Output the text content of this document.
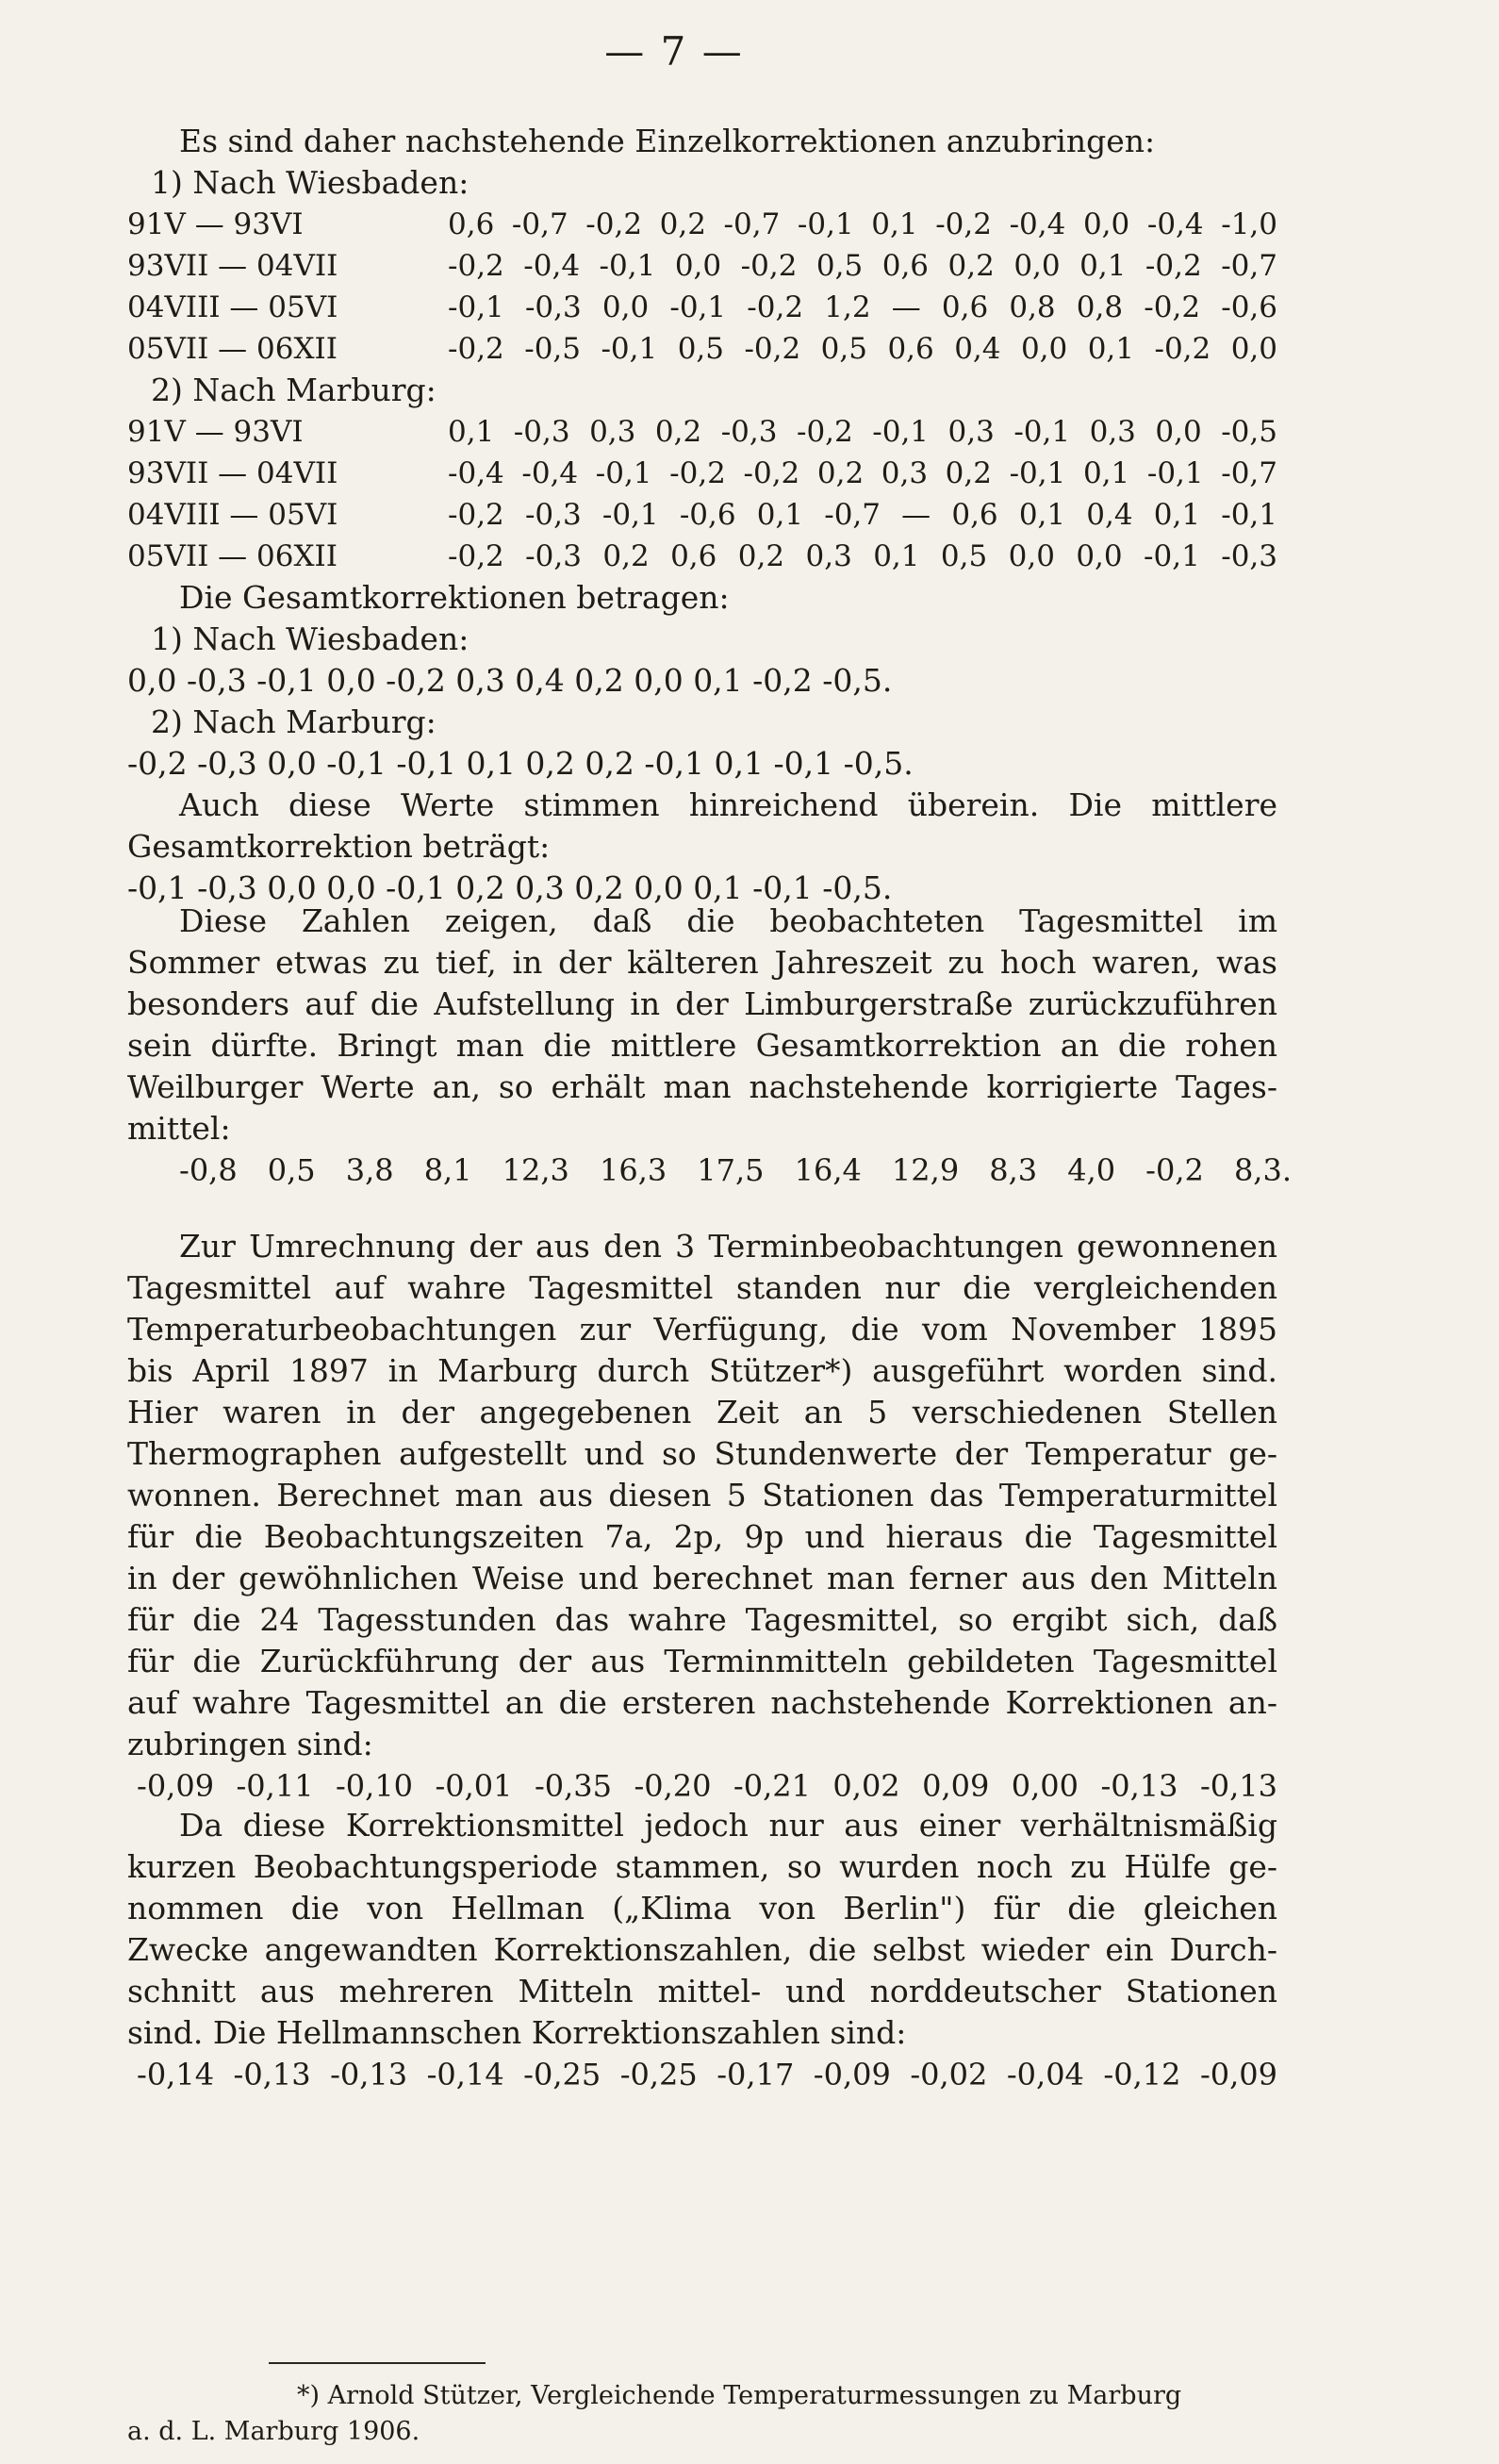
— 7 —
Es sind daher nachstehende Einzelkorrektionen anzubringen:
1) Nach Wiesbaden:
91V — 93VI	0,6 -0,7 -0,2 0,2 -0,7 -0,1 0,1 -0,2 -0,4 0,0 -0,4 -1,0
93VII — 04VII	-0,2 -0,4 -0,1 0,0 -0,2 0,5 0,6 0,2 0,0 0,1 -0,2 -0,7
04VIII — 05VI	-0,1 -0,3 0,0 -0,1 -0,2 1,2 — 0,6 0,8 0,8 -0,2 -0,6
05VII — 06XII	-0,2 -0,5 -0,1 0,5 -0,2 0,5 0,6 0,4 0,0 0,1 -0,2 0,0
2) Nach Marburg:
91V — 93VI	0,1 -0,3 0,3 0,2 -0,3 -0,2 -0,1 0,3 -0,1 0,3 0,0 -0,5
93VII — 04VII	-0,4 -0,4 -0,1 -0,2 -0,2 0,2 0,3 0,2 -0,1 0,1 -0,1 -0,7
04VIII — 05VI	-0,2 -0,3 -0,1 -0,6 0,1 -0,7 — 0,6 0,1 0,4 0,1 -0,1
05VII — 06XII	-0,2 -0,3 0,2 0,6 0,2 0,3 0,1 0,5 0,0 0,0 -0,1 -0,3
Die Gesamtkorrektionen betragen:
1) Nach Wiesbaden:
0,0 -0,3 -0,1 0,0 -0,2 0,3 0,4 0,2 0,0 0,1 -0,2 -0,5.
2) Nach Marburg:
-0,2 -0,3 0,0 -0,1 -0,1 0,1 0,2 0,2 -0,1 0,1 -0,1 -0,5.
Auch diese Werte stimmen hinreichend überein. Die mittlere
Gesamtkorrektion beträgt:
-0,1 -0,3 0,0 0,0 -0,1 0,2 0,3 0,2 0,0 0,1 -0,1 -0,5.
Diese Zahlen zeigen, daß die beobachteten Tagesmittel im
Sommer etwas zu tief, in der kälteren Jahreszeit zu hoch waren, was
besonders auf die Aufstellung in der Limburgerstraße zurückzuführen
sein dürfte. Bringt man die mittlere Gesamtkorrektion an die rohen
Weilburger Werte an, so erhält man nachstehende korrigierte Tages-
mittel:
-0,8 0,5 3,8 8,1 12,3 16,3 17,5 16,4 12,9 8,3 4,0 -0,2 8,3.
Zur Umrechnung der aus den 3 Terminbeobachtungen gewonnenen
Tagesmittel auf wahre Tagesmittel standen nur die vergleichenden
Temperaturbeobachtungen zur Verfügung, die vom November 1895
bis April 1897 in Marburg durch Stützer*) ausgeführt worden sind.
Hier waren in der angegebenen Zeit an 5 verschiedenen Stellen
Thermographen aufgestellt und so Stundenwerte der Temperatur ge-
wonnen. Berechnet man aus diesen 5 Stationen das Temperaturmittel
für die Beobachtungszeiten 7a, 2p, 9p und hieraus die Tagesmittel
in der gewöhnlichen Weise und berechnet man ferner aus den Mitteln
für die 24 Tagesstunden das wahre Tagesmittel, so ergibt sich, daß
für die Zurückführung der aus Terminmitteln gebildeten Tagesmittel
auf wahre Tagesmittel an die ersteren nachstehende Korrektionen an-
zubringen sind:
-0,09 -0,11 -0,10 -0,01 -0,35 -0,20 -0,21 0,02 0,09 0,00 -0,13 -0,13
Da diese Korrektionsmittel jedoch nur aus einer verhältnismäßig
kurzen Beobachtungsperiode stammen, so wurden noch zu Hülfe ge-
nommen die von Hellman („Klima von Berlin") für die gleichen
Zwecke angewandten Korrektionszahlen, die selbst wieder ein Durch-
schnitt aus mehreren Mitteln mittel- und norddeutscher Stationen
sind. Die Hellmannschen Korrektionszahlen sind:
-0,14 -0,13 -0,13 -0,14 -0,25 -0,25 -0,17 -0,09 -0,02 -0,04 -0,12 -0,09
*) Arnold Stützer, Vergleichende Temperaturmessungen zu Marburg
a. d. L. Marburg 1906.
